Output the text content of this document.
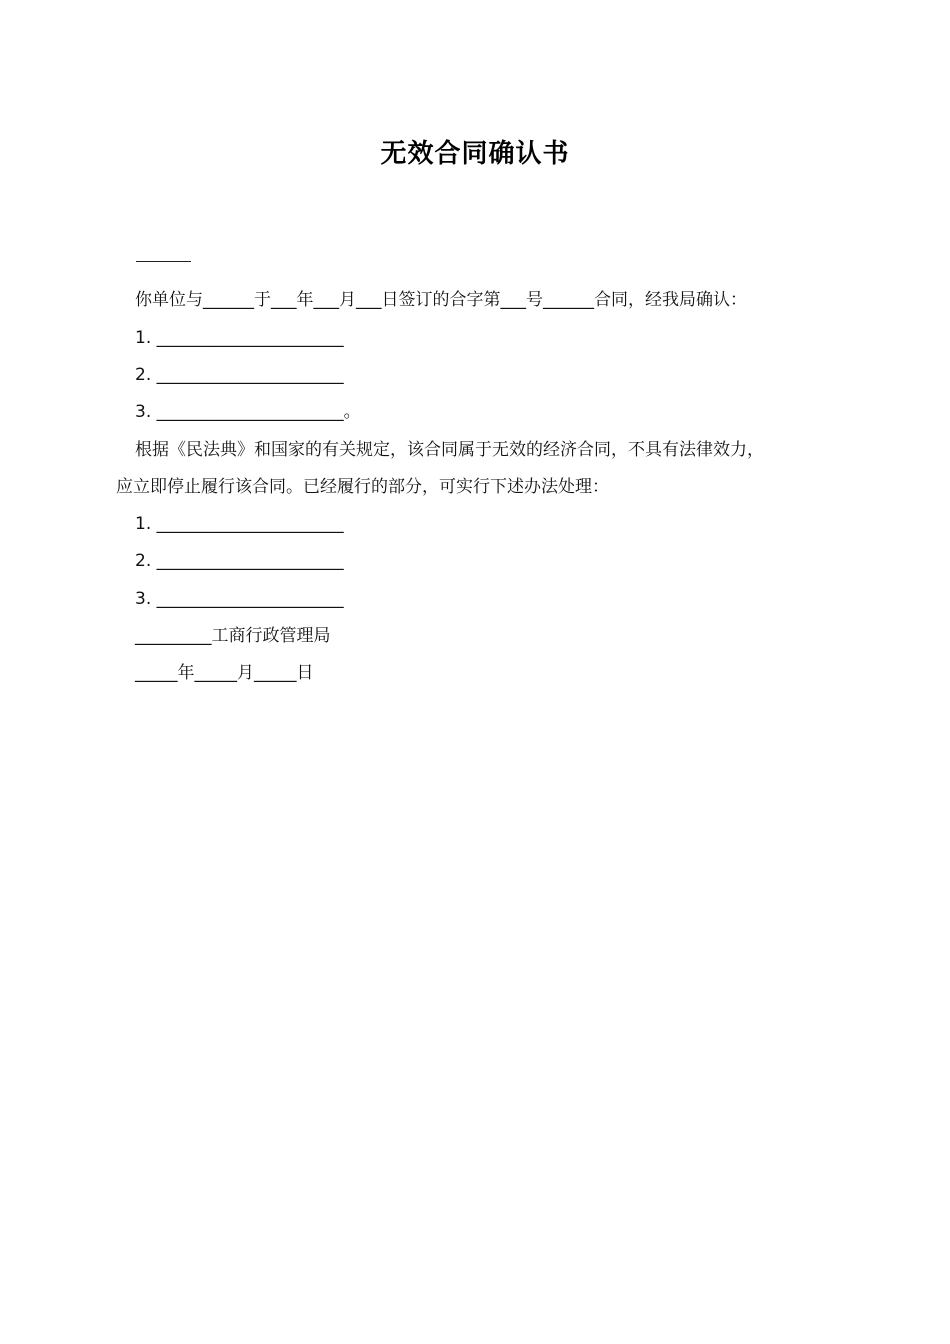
无效合同确认书
你单位与______于___年___月___日签订的合字第___号______合同，经我局确认：
1. ______________________
2. ______________________
3. ______________________。
根据《民法典》和国家的有关规定，该合同属于无效的经济合同，不具有法律效力，
应立即停止履行该合同。已经履行的部分，可实行下述办法处理：
1. ______________________
2. ______________________
3. ______________________
_________工商行政管理局
_____年_____月_____日
